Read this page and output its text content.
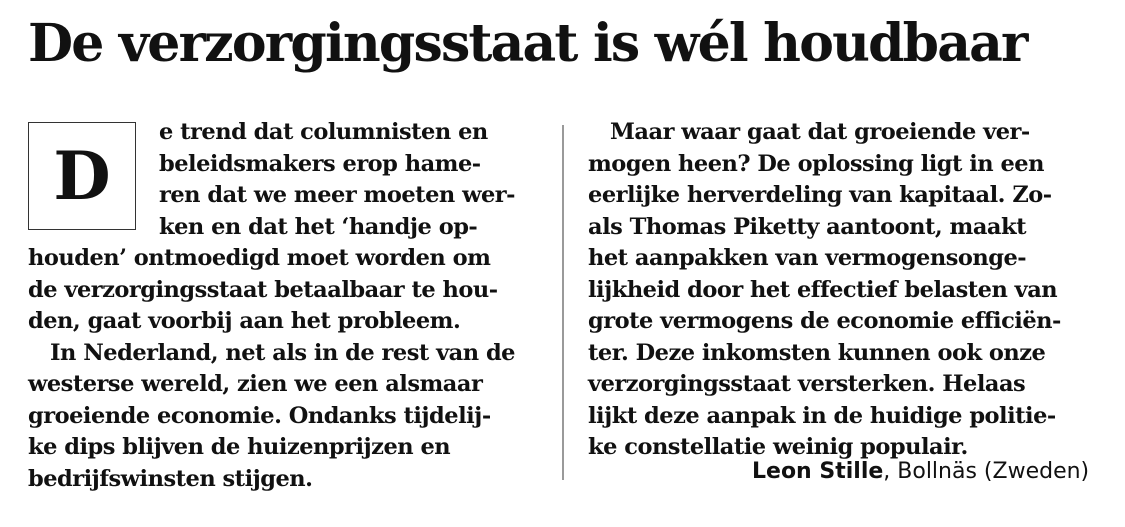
De verzorgingsstaat is wél houdbaar
D
e trend dat columnisten en
beleidsmakers erop hame-
ren dat we meer moeten wer-
ken en dat het ‘handje op-
houden’ ontmoedigd moet worden om
de verzorgingsstaat betaalbaar te hou-
den, gaat voorbij aan het probleem.
In Nederland, net als in de rest van de
westerse wereld, zien we een alsmaar
groeiende economie. Ondanks tijdelij-
ke dips blijven de huizenprijzen en
bedrijfswinsten stijgen.
Maar waar gaat dat groeiende ver-
mogen heen? De oplossing ligt in een
eerlijke herverdeling van kapitaal. Zo-
als Thomas Piketty aantoont, maakt
het aanpakken van vermogensonge-
lijkheid door het effectief belasten van
grote vermogens de economie efficiën-
ter. Deze inkomsten kunnen ook onze
verzorgingsstaat versterken. Helaas
lijkt deze aanpak in de huidige politie-
ke constellatie weinig populair.
Leon Stille, Bollnäs (Zweden)
